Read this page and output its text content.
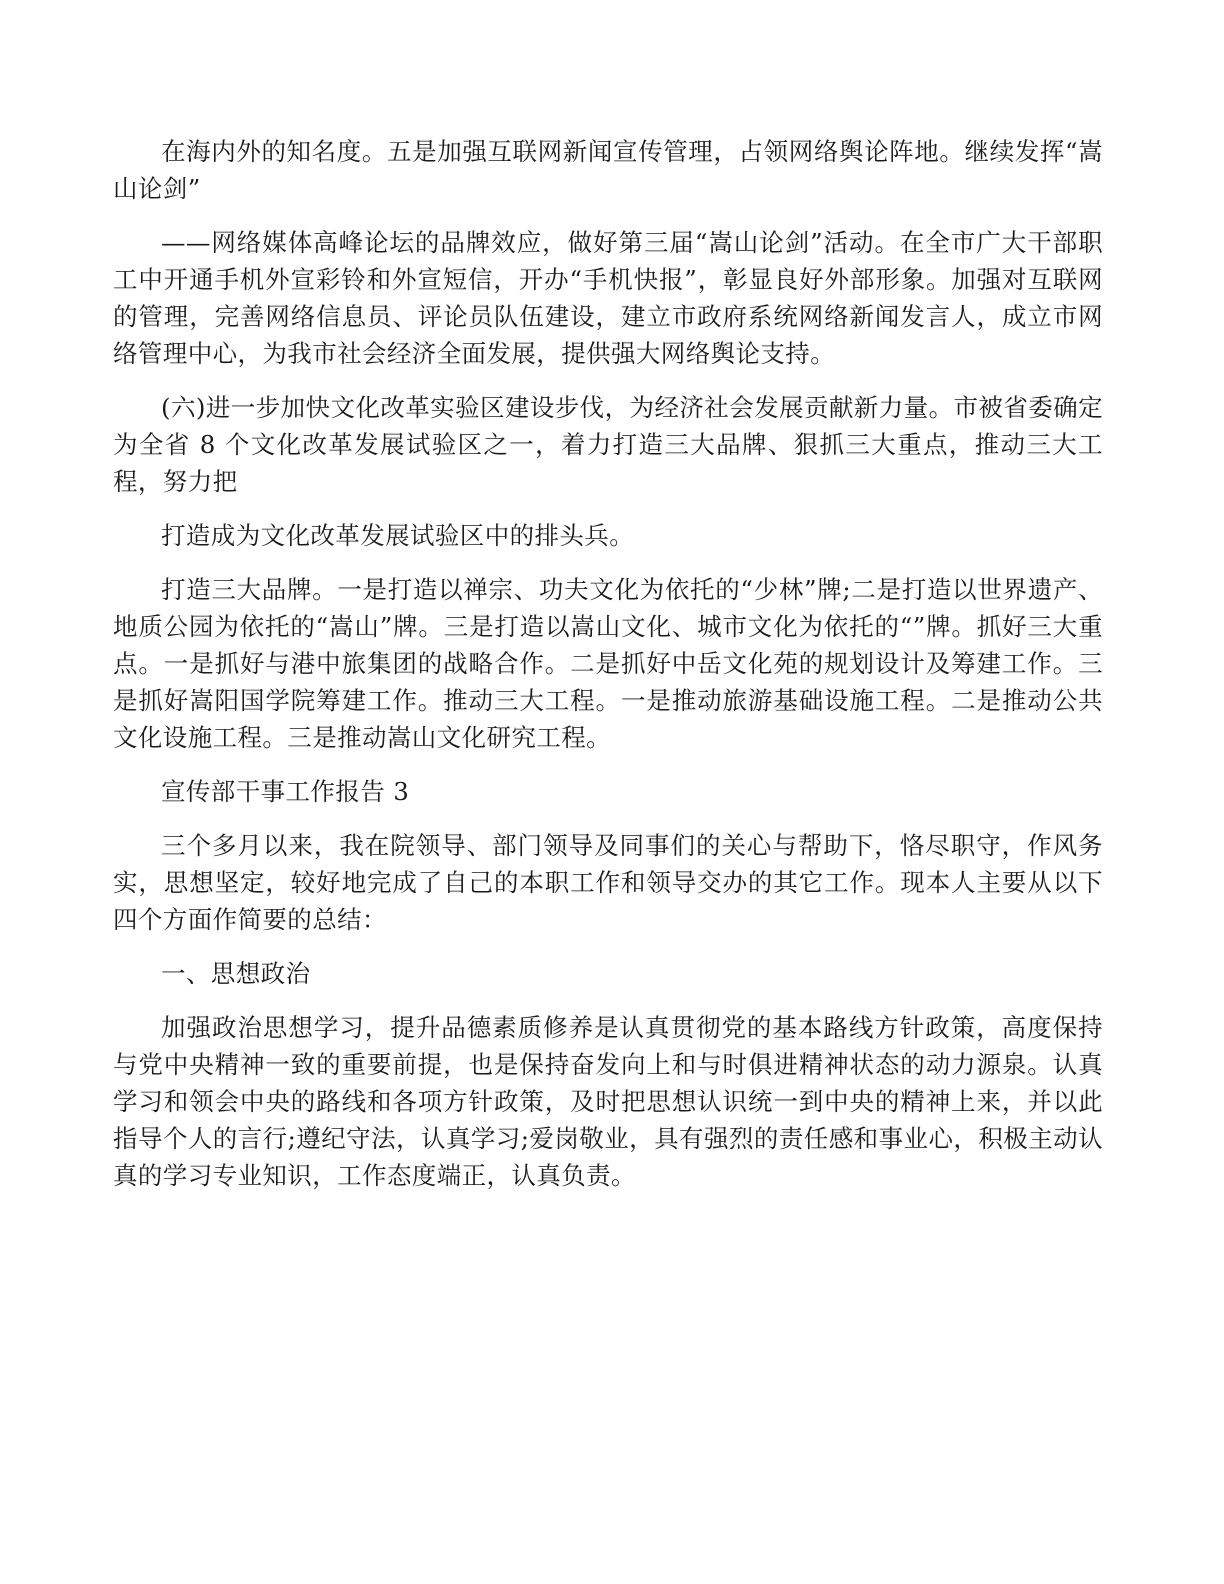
在海内外的知名度。五是加强互联网新闻宣传管理，占领网络舆论阵地。继续发挥“嵩山论剑”

——网络媒体高峰论坛的品牌效应，做好第三届“嵩山论剑”活动。在全市广大干部职工中开通手机外宣彩铃和外宣短信，开办“手机快报”，彰显良好外部形象。加强对互联网的管理，完善网络信息员、评论员队伍建设，建立市政府系统网络新闻发言人，成立市网络管理中心，为我市社会经济全面发展，提供强大网络舆论支持。

(六)进一步加快文化改革实验区建设步伐，为经济社会发展贡献新力量。市被省委确定为全省 8 个文化改革发展试验区之一，着力打造三大品牌、狠抓三大重点，推动三大工程，努力把

打造成为文化改革发展试验区中的排头兵。

打造三大品牌。一是打造以禅宗、功夫文化为依托的“少林”牌;二是打造以世界遗产、地质公园为依托的“嵩山”牌。三是打造以嵩山文化、城市文化为依托的“”牌。抓好三大重点。一是抓好与港中旅集团的战略合作。二是抓好中岳文化苑的规划设计及筹建工作。三是抓好嵩阳国学院筹建工作。推动三大工程。一是推动旅游基础设施工程。二是推动公共文化设施工程。三是推动嵩山文化研究工程。

宣传部干事工作报告 3

三个多月以来，我在院领导、部门领导及同事们的关心与帮助下，恪尽职守，作风务实，思想坚定，较好地完成了自己的本职工作和领导交办的其它工作。现本人主要从以下四个方面作简要的总结：

一、思想政治

加强政治思想学习，提升品德素质修养是认真贯彻党的基本路线方针政策，高度保持与党中央精神一致的重要前提，也是保持奋发向上和与时俱进精神状态的动力源泉。认真学习和领会中央的路线和各项方针政策，及时把思想认识统一到中央的精神上来，并以此指导个人的言行;遵纪守法，认真学习;爱岗敬业，具有强烈的责任感和事业心，积极主动认真的学习专业知识，工作态度端正，认真负责。
